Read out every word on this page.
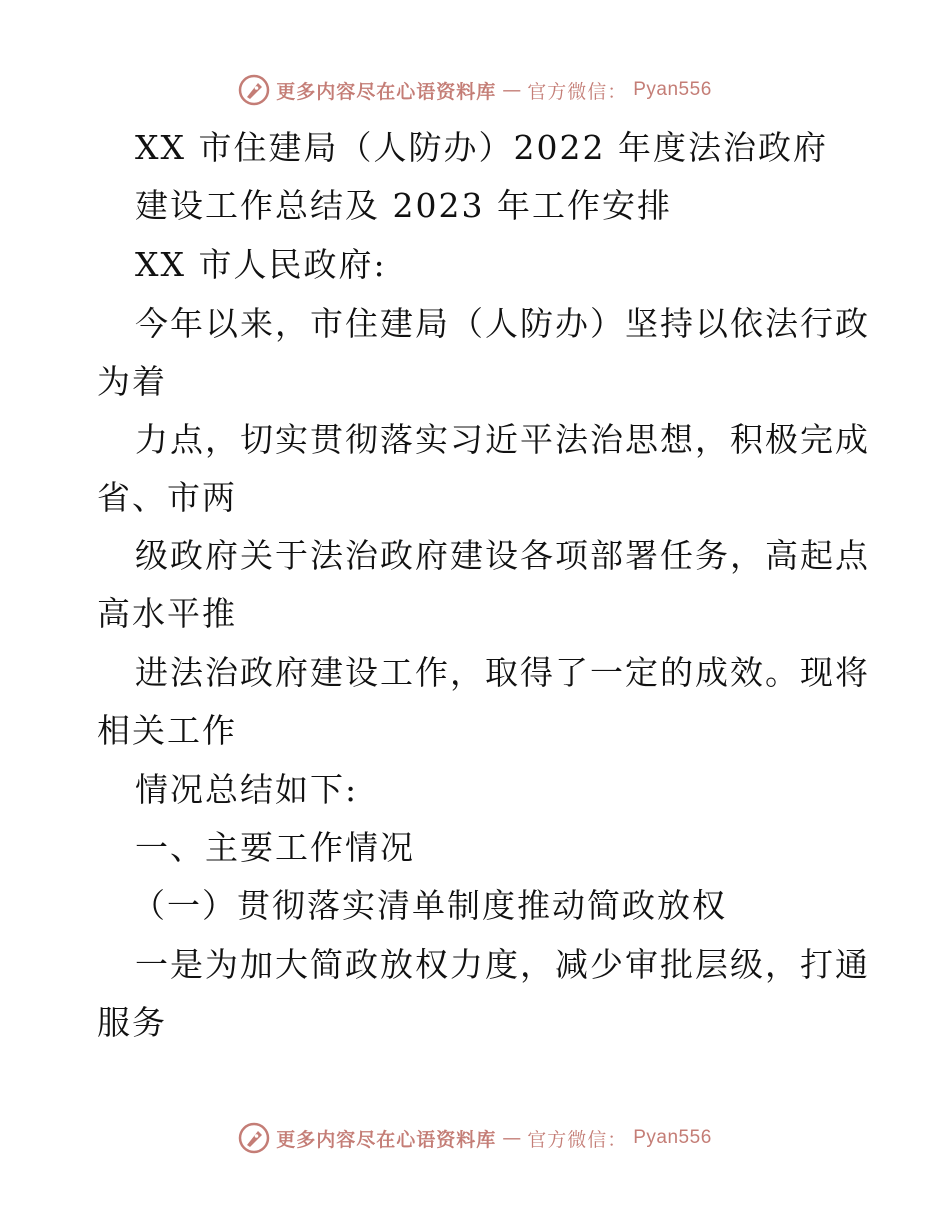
更多内容尽在心语资料库 — 官方微信： Pyan556
XX 市住建局（人防办）2022 年度法治政府
建设工作总结及 2023 年工作安排
XX 市人民政府:
今年以来，市住建局（人防办）坚持以依法行政
为着
力点，切实贯彻落实习近平法治思想，积极完成
省、市两
级政府关于法治政府建设各项部署任务，高起点
高水平推
进法治政府建设工作，取得了一定的成效。现将
相关工作
情况总结如下:
一、主要工作情况
（一）贯彻落实清单制度推动简政放权
一是为加大简政放权力度，减少审批层级，打通
服务
更多内容尽在心语资料库 — 官方微信： Pyan556
